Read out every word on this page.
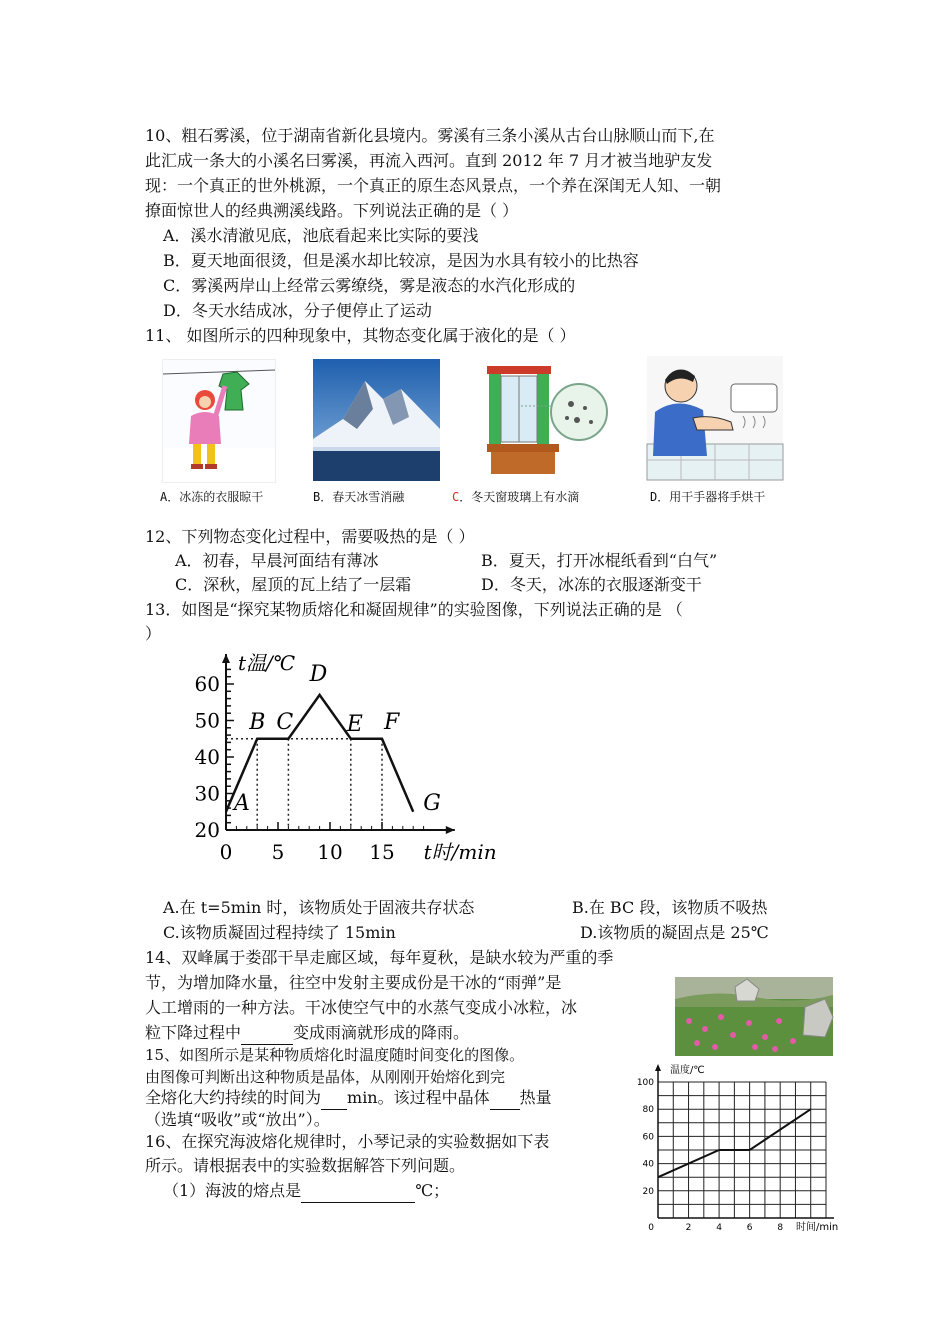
10、粗石雾溪，位于湖南省新化县境内。雾溪有三条小溪从古台山脉顺山而下,在
此汇成一条大的小溪名曰雾溪，再流入西河。直到 2012 年 7 月才被当地驴友发
现：一个真正的世外桃源，一个真正的原生态风景点，一个养在深闺无人知、一朝
撩面惊世人的经典溯溪线路。下列说法正确的是（ ）
A．溪水清澈见底，池底看起来比实际的要浅
B．夏天地面很烫，但是溪水却比较凉，是因为水具有较小的比热容
C．雾溪两岸山上经常云雾缭绕，雾是液态的水汽化形成的
D．冬天水结成冰，分子便停止了运动
11、 如图所示的四种现象中，其物态变化属于液化的是（ ）
A．冰冻的衣服晾干	B．春天冰雪消融	C．冬天窗玻璃上有水滴	D．用干手器将手烘干
12、下列物态变化过程中，需要吸热的是（ ）
A．初春，早晨河面结有薄冰	B．夏天，打开冰棍纸看到“白气”
C．深秋，屋顶的瓦上结了一层霜	D．冬天，冰冻的衣服逐渐变干
13．如图是“探究某物质熔化和凝固规律”的实验图像，下列说法正确的是 （
）
20
30
40
50
60
0 5 10 15
t温/℃
t时/min
A
B C
D
E F
G
A.在 t=5min 时，该物质处于固液共存状态	B.在 BC 段，该物质不吸热
C.该物质凝固过程持续了 15min	D.该物质的凝固点是 25℃
14、双峰属于娄邵干旱走廊区域，每年夏秋，是缺水较为严重的季
节，为增加降水量，往空中发射主要成份是干冰的“雨弹”是
人工增雨的一种方法。干冰使空气中的水蒸气变成小冰粒，冰
粒下降过程中	变成雨滴就形成的降雨。
15、如图所示是某种物质熔化时温度随时间变化的图像。
由图像可判断出这种物质是晶体，从刚刚开始熔化到完
全熔化大约持续的时间为 min。该过程中晶体 热量
（选填“吸收”或“放出”）。
20
40
60
80
100
0	2	4	6	8
温度/℃
时间/min
16、在探究海波熔化规律时，小琴记录的实验数据如下表
所示。请根据表中的实验数据解答下列问题。
（1）海波的熔点是	℃；
